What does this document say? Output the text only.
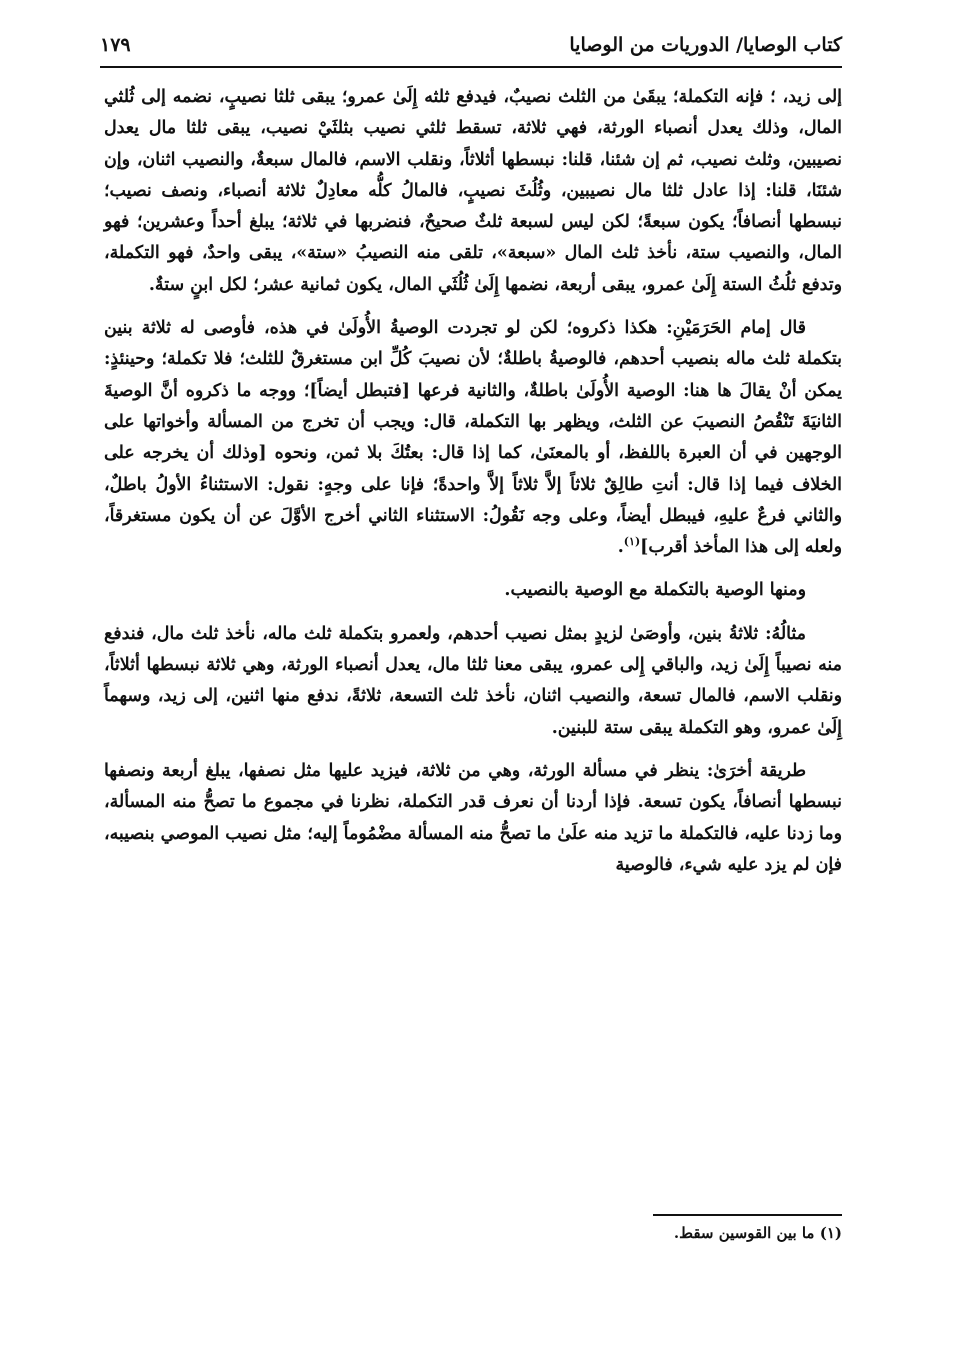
كتاب الوصايا/ الدوريات من الوصايا
١٧٩

إلى زيد، ؛ فإنه التكملة؛ يبقَىٰ من الثلث نصيبٌ، فيدفع ثلثه إِلَىٰ عمرو؛ يبقى ثلثا نصيبٍ، نضمه إلى ثُلثي المال، وذلك يعدل أنصباء الورثة، فهي ثلاثة، تسقط ثلثي نصيب بثلثَيْ نصيب، يبقى ثلثا مال يعدل نصيبين، وثلث نصيب، ثم إن شئنا، قلنا: نبسطها أثلاثاً، ونقلب الاسم، فالمال سبعةٌ، والنصيب اثنان، وإن شئنَا، قلنا: إذا عادل ثلثا مال نصيبين، وثُلُثَ نصيبٍ، فالمالُ كلُّه معادِلٌ ثلاثة أنصباء، ونصف نصيب؛ نبسطها أنصافاً؛ يكون سبعةً؛ لكن ليس لسبعة ثلثٌ صحيحٌ، فنضربها في ثلاثة؛ يبلغ أحداً وعشرين؛ فهو المال، والنصيب ستة، نأخذ ثلث المال «سبعة»، تلقى منه النصيبُ «ستة»، يبقى واحدٌ، فهو التكملة، وتدفع ثلُثُ الستة إِلَىٰ عمرو، يبقى أربعة، نضمها إِلَىٰ ثُلُثَي المال، يكون ثمانية عشر؛ لكل ابنٍ ستةٌ.

قال إمام الحَرَمَيْنِ: هكذا ذكروه؛ لكن لو تجردت الوصيةُ الأُولَىٰ في هذه، فأوصى له ثلاثة بنين بتكملة ثلث ماله بنصيب أحدهم، فالوصيةُ باطلةٌ؛ لأن نصيبَ كُلِّ ابن مستغرقٌ للثلث؛ فلا تكملة؛ وحينئذٍ: يمكن أنْ يقالَ ها هنا: الوصية الأُولَىٰ باطلةٌ، والثانية فرعها [فتبطل أيضاً]؛ ووجه ما ذكروه أنَّ الوصيةَ الثانيَةَ تَنْقُصُ النصيبَ عن الثلث، ويظهر بها التكملة، قال: ويجب أن تخرج من المسألة وأخواتها على الوجهين في أن العبرة باللفظ، أو بالمعنَىٰ، كما إذا قال: بعتُكَ بلا ثمن، ونحوه [وذلك أن يخرجه على الخلاف فيما إذا قال: أنتِ طالِقٌ ثلاثاً إلاَّ ثلاثاً إلاَّ واحدةً؛ فإنا على وجهٍ: نقول: الاستثناءُ الأولُ باطلٌ، والثاني فرعٌ عليهِ، فيبطل أيضاً، وعلى وجه نَقُولُ: الاستثناء الثاني أخرج الأوَّلَ عن أن يكون مستغرقاً، ولعله إلى هذا المأخذ أقرب]$^{(١)}$.

ومنها الوصية بالتكملة مع الوصية بالنصيب.

مثالُهُ: ثلاثةُ بنين، وأوصَىٰ لزيدٍ بمثل نصيب أحدهم، ولعمرو بتكملة ثلث ماله، نأخذ ثلث مال، فندفع منه نصيباً إِلَىٰ زيد، والباقي إِلى عمرو، يبقى معنا ثلثا مال، يعدل أنصباء الورثة، وهي ثلاثة نبسطها أثلاثاً، ونقلب الاسم، فالمال تسعة، والنصيب اثنان، نأخذ ثلث التسعة، ثلاثةً، ندفع منها اثنين، إلى زيد، وسهماً إِلَىٰ عمرو، وهو التكملة يبقى ستة للبنين.

طريقة أخرَىٰ: ينظر في مسألة الورثة، وهي من ثلاثة، فيزيد عليها مثل نصفها، يبلغ أربعة ونصفها نبسطها أنصافاً، يكون تسعة. فإذا أردنا أن نعرف قدر التكملة، نظرنا في مجموع ما تصحُّ منه المسألة، وما زدنا عليه، فالتكملة ما تزيد منه علَىٰ ما تصحُّ منه المسألة مضْمُوماً إليه؛ مثل نصيب الموصي بنصيبه، فإن لم يزد عليه شيء، فالوصية

(١) ما بين القوسين سقط.
